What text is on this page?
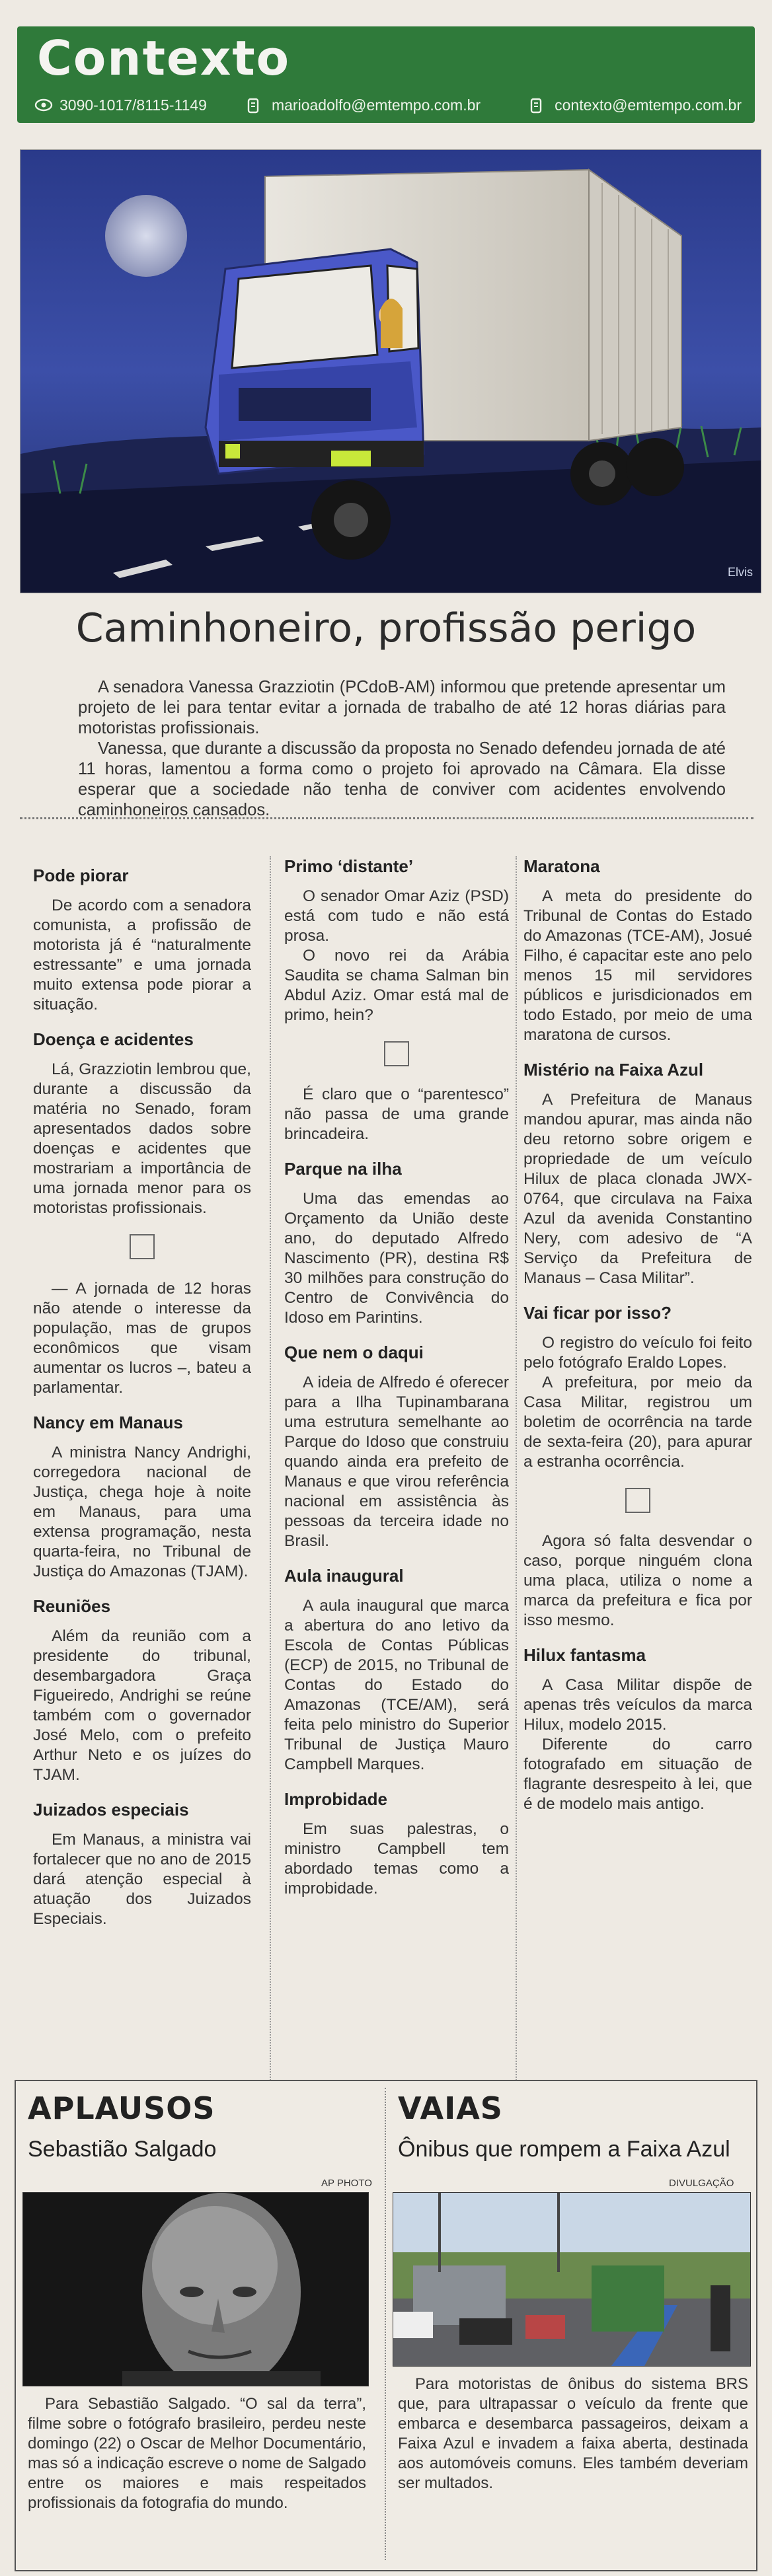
Contexto
3090-1017/8115-1149	marioadolfo@emtempo.com.br	contexto@emtempo.com.br
Elvis
Caminhoneiro, profissão perigo

A senadora Vanessa Grazziotin (PCdoB-AM) informou que pretende apresentar um projeto de lei para tentar evitar a jornada de trabalho de até 12 horas diárias para motoristas profissionais.

Vanessa, que durante a discussão da proposta no Senado defendeu jornada de até 11 horas, lamentou a forma como o projeto foi aprovado na Câmara. Ela disse esperar que a sociedade não tenha de conviver com acidentes envolvendo caminhoneiros cansados.

Pode piorar

De acordo com a senadora comunista, a profissão de motorista já é “naturalmente estressante” e uma jornada muito extensa pode piorar a situação.

Doença e acidentes

Lá, Grazziotin lembrou que, durante a discussão da matéria no Senado, foram apresentados dados sobre doenças e acidentes que mostrariam a importância de uma jornada menor para os motoristas profissionais.

— A jornada de 12 horas não atende o interesse da população, mas de grupos econômicos que visam aumentar os lucros –, bateu a parlamentar.

Nancy em Manaus

A ministra Nancy Andrighi, corregedora nacional de Justiça, chega hoje à noite em Manaus, para uma extensa programação, nesta quarta-feira, no Tribunal de Justiça do Amazonas (TJAM).

Reuniões

Além da reunião com a presidente do tribunal, desembargadora Graça Figueiredo, Andrighi se reúne também com o governador José Melo, com o prefeito Arthur Neto e os juízes do TJAM.

Juizados especiais

Em Manaus, a ministra vai fortalecer que no ano de 2015 dará atenção especial à atuação dos Juizados Especiais.

Primo ‘distante’

O senador Omar Aziz (PSD) está com tudo e não está prosa.

O novo rei da Arábia Saudita se chama Salman bin Abdul Aziz. Omar está mal de primo, hein?

É claro que o “parentesco” não passa de uma grande brincadeira.

Parque na ilha

Uma das emendas ao Orçamento da União deste ano, do deputado Alfredo Nascimento (PR), destina R$ 30 milhões para construção do Centro de Convivência do Idoso em Parintins.

Que nem o daqui

A ideia de Alfredo é oferecer para a Ilha Tupinambarana uma estrutura semelhante ao Parque do Idoso que construiu quando ainda era prefeito de Manaus e que virou referência nacional em assistência às pessoas da terceira idade no Brasil.

Aula inaugural

A aula inaugural que marca a abertura do ano letivo da Escola de Contas Públicas (ECP) de 2015, no Tribunal de Contas do Estado do Amazonas (TCE/AM), será feita pelo ministro do Superior Tribunal de Justiça Mauro Campbell Marques.

Improbidade

Em suas palestras, o ministro Campbell tem abordado temas como a improbidade.

Maratona

A meta do presidente do Tribunal de Contas do Estado do Amazonas (TCE-AM), Josué Filho, é capacitar este ano pelo menos 15 mil servidores públicos e jurisdicionados em todo Estado, por meio de uma maratona de cursos.

Mistério na Faixa Azul

A Prefeitura de Manaus mandou apurar, mas ainda não deu retorno sobre origem e propriedade de um veículo Hilux de placa clonada JWX-0764, que circulava na Faixa Azul da avenida Constantino Nery, com adesivo de “A Serviço da Prefeitura de Manaus – Casa Militar”.

Vai ficar por isso?

O registro do veículo foi feito pelo fotógrafo Eraldo Lopes.

A prefeitura, por meio da Casa Militar, registrou um boletim de ocorrência na tarde de sexta-feira (20), para apurar a estranha ocorrência.

Agora só falta desvendar o caso, porque ninguém clona uma placa, utiliza o nome a marca da prefeitura e fica por isso mesmo.

Hilux fantasma

A Casa Militar dispõe de apenas três veículos da marca Hilux, modelo 2015.

Diferente do carro fotografado em situação de flagrante desrespeito à lei, que é de modelo mais antigo.

APLAUSOS
Sebastião Salgado
AP PHOTO

Para Sebastião Salgado. “O sal da terra”, filme sobre o fotógrafo brasileiro, perdeu neste domingo (22) o Oscar de Melhor Documentário, mas só a indicação escreve o nome de Salgado entre os maiores e mais respeitados profissionais da fotografia do mundo.

VAIAS
Ônibus que rompem a Faixa Azul
DIVULGAÇÃO

Para motoristas de ônibus do sistema BRS que, para ultrapassar o veículo da frente que embarca e desembarca passageiros, deixam a Faixa Azul e invadem a faixa aberta, destinada aos automóveis comuns. Eles também deveriam ser multados.
